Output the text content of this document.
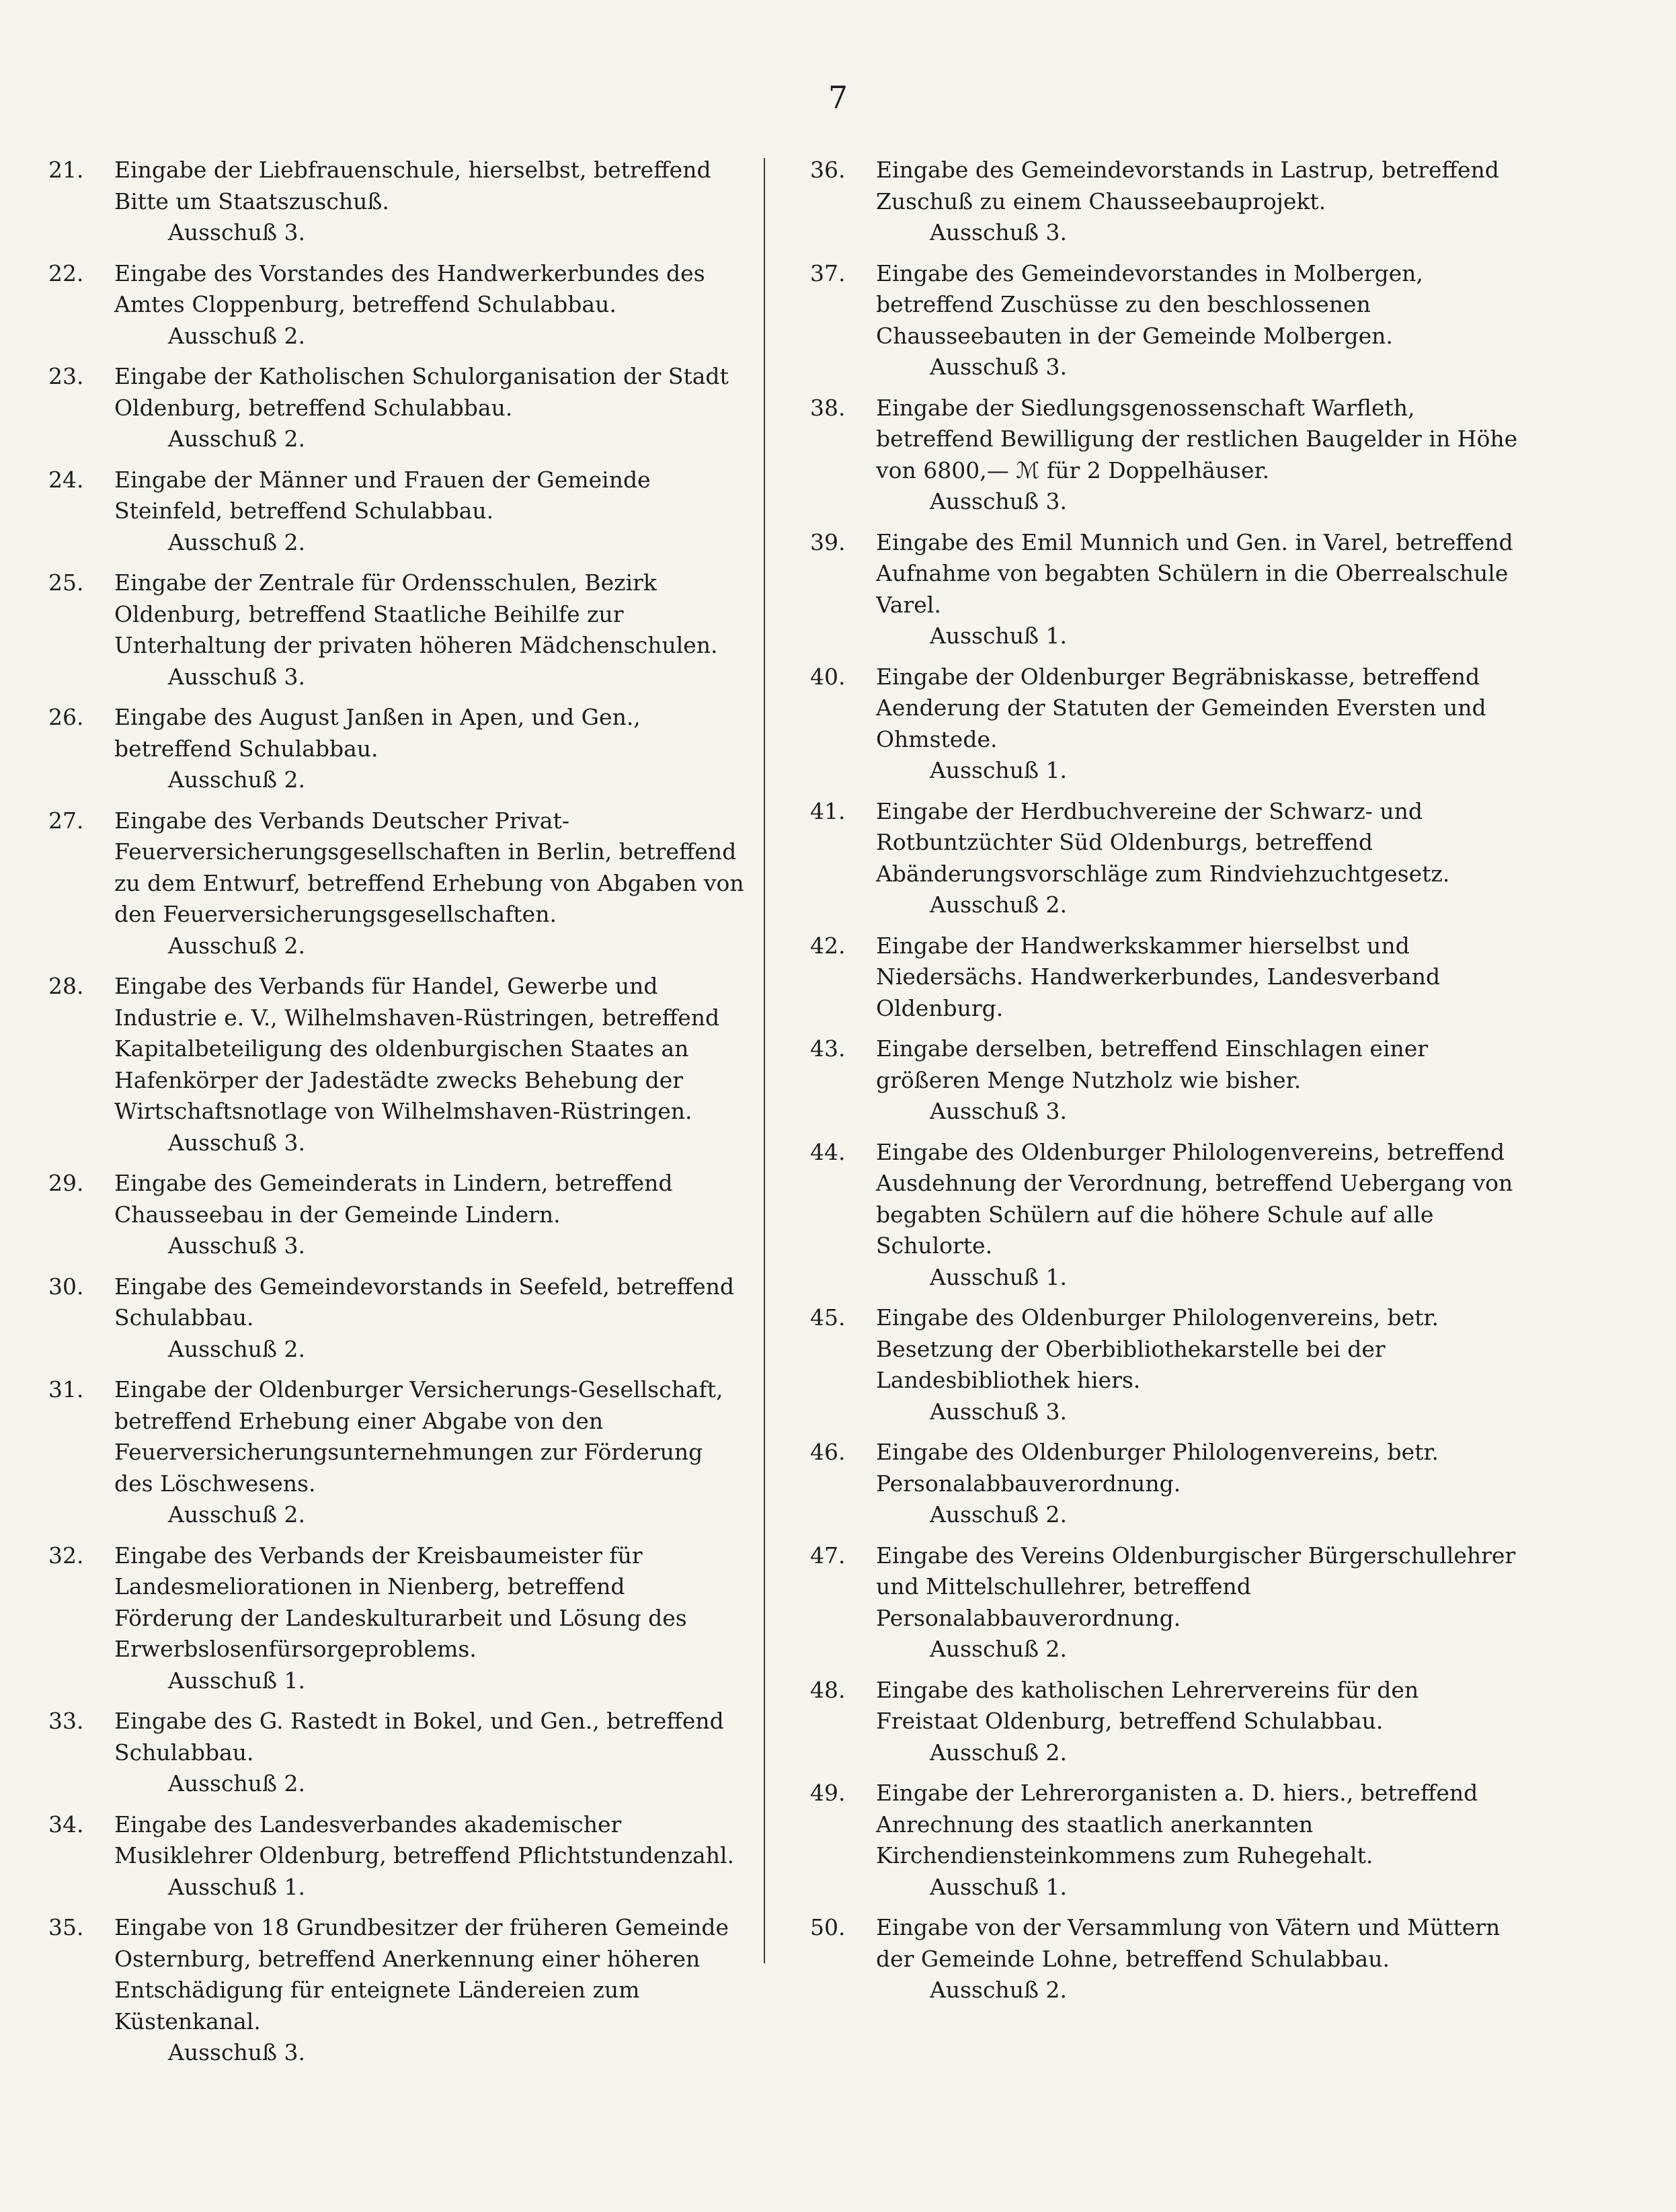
7
21.	Eingabe der Liebfrauenschule, hierselbst, betreffend Bitte um Staatszuschuß.
Ausschuß 3.
22.	Eingabe des Vorstandes des Handwerkerbundes des Amtes Cloppenburg, betreffend Schulabbau.
Ausschuß 2.
23.	Eingabe der Katholischen Schulorganisation der Stadt Oldenburg, betreffend Schulabbau.
Ausschuß 2.
24.	Eingabe der Männer und Frauen der Gemeinde Steinfeld, betreffend Schulabbau.
Ausschuß 2.
25.	Eingabe der Zentrale für Ordensschulen, Bezirk Oldenburg, betreffend Staatliche Beihilfe zur Unterhaltung der privaten höheren Mädchenschulen.
Ausschuß 3.
26.	Eingabe des August Janßen in Apen, und Gen., betreffend Schulabbau.
Ausschuß 2.
27.	Eingabe des Verbands Deutscher Privat-Feuerversicherungsgesellschaften in Berlin, betreffend zu dem Entwurf, betreffend Erhebung von Abgaben von den Feuerversicherungsgesellschaften.
Ausschuß 2.
28.	Eingabe des Verbands für Handel, Gewerbe und Industrie e. V., Wilhelmshaven-Rüstringen, betreffend Kapitalbeteiligung des oldenburgischen Staates an Hafenkörper der Jadestädte zwecks Behebung der Wirtschaftsnotlage von Wilhelmshaven-Rüstringen.
Ausschuß 3.
29.	Eingabe des Gemeinderats in Lindern, betreffend Chausseebau in der Gemeinde Lindern.
Ausschuß 3.
30.	Eingabe des Gemeindevorstands in Seefeld, betreffend Schulabbau.
Ausschuß 2.
31.	Eingabe der Oldenburger Versicherungs-Gesellschaft, betreffend Erhebung einer Abgabe von den Feuerversicherungsunternehmungen zur Förderung des Löschwesens.
Ausschuß 2.
32.	Eingabe des Verbands der Kreisbaumeister für Landesmeliorationen in Nienberg, betreffend Förderung der Landeskulturarbeit und Lösung des Erwerbslosenfürsorgeproblems.
Ausschuß 1.
33.	Eingabe des G. Rastedt in Bokel, und Gen., betreffend Schulabbau.
Ausschuß 2.
34.	Eingabe des Landesverbandes akademischer Musiklehrer Oldenburg, betreffend Pflichtstundenzahl.
Ausschuß 1.
35.	Eingabe von 18 Grundbesitzer der früheren Gemeinde Osternburg, betreffend Anerkennung einer höheren Entschädigung für enteignete Ländereien zum Küstenkanal.
Ausschuß 3.
36.	Eingabe des Gemeindevorstands in Lastrup, betreffend Zuschuß zu einem Chausseebauprojekt.
Ausschuß 3.
37.	Eingabe des Gemeindevorstandes in Molbergen, betreffend Zuschüsse zu den beschlossenen Chausseebauten in der Gemeinde Molbergen.
Ausschuß 3.
38.	Eingabe der Siedlungsgenossenschaft Warfleth, betreffend Bewilligung der restlichen Baugelder in Höhe von 6800,— ℳ für 2 Doppelhäuser.
Ausschuß 3.
39.	Eingabe des Emil Munnich und Gen. in Varel, betreffend Aufnahme von begabten Schülern in die Oberrealschule Varel.
Ausschuß 1.
40.	Eingabe der Oldenburger Begräbniskasse, betreffend Aenderung der Statuten der Gemeinden Eversten und Ohmstede.
Ausschuß 1.
41.	Eingabe der Herdbuchvereine der Schwarz- und Rotbuntzüchter Süd Oldenburgs, betreffend Abänderungsvorschläge zum Rindviehzuchtgesetz.
Ausschuß 2.
42.	Eingabe der Handwerkskammer hierselbst und Niedersächs. Handwerkerbundes, Landesverband Oldenburg.
43.	Eingabe derselben, betreffend Einschlagen einer größeren Menge Nutzholz wie bisher.
Ausschuß 3.
44.	Eingabe des Oldenburger Philologenvereins, betreffend Ausdehnung der Verordnung, betreffend Uebergang von begabten Schülern auf die höhere Schule auf alle Schulorte.
Ausschuß 1.
45.	Eingabe des Oldenburger Philologenvereins, betr. Besetzung der Oberbibliothekarstelle bei der Landesbibliothek hiers.
Ausschuß 3.
46.	Eingabe des Oldenburger Philologenvereins, betr. Personalabbauverordnung.
Ausschuß 2.
47.	Eingabe des Vereins Oldenburgischer Bürgerschullehrer und Mittelschullehrer, betreffend Personalabbauverordnung.
Ausschuß 2.
48.	Eingabe des katholischen Lehrervereins für den Freistaat Oldenburg, betreffend Schulabbau.
Ausschuß 2.
49.	Eingabe der Lehrerorganisten a. D. hiers., betreffend Anrechnung des staatlich anerkannten Kirchendiensteinkommens zum Ruhegehalt.
Ausschuß 1.
50.	Eingabe von der Versammlung von Vätern und Müttern der Gemeinde Lohne, betreffend Schulabbau.
Ausschuß 2.
